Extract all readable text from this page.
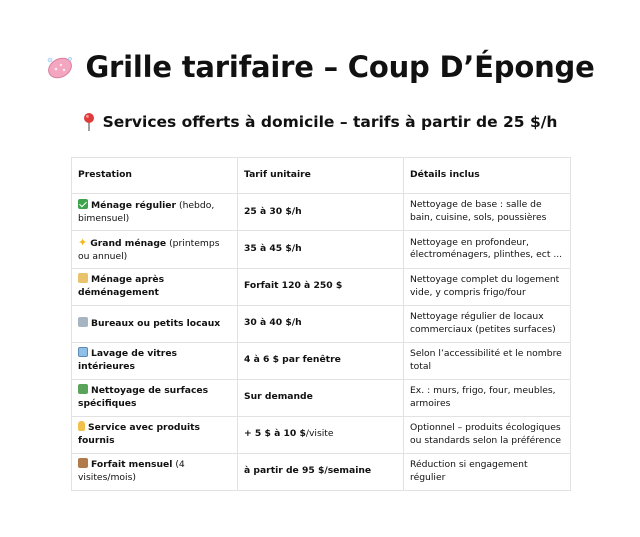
Grille tarifaire – Coup D’Éponge
Services offerts à domicile – tarifs à partir de 25 $/h
Prestation	Tarif unitaire	Détails inclus
Ménage régulier (hebdo, bimensuel)	25 à 30 $/h	Nettoyage de base : salle de bain, cuisine, sols, poussières
✦ Grand ménage (printemps ou annuel)	35 à 45 $/h	Nettoyage en profondeur, électroménagers, plinthes, ect ...
Ménage après déménagement	Forfait 120 à 250 $	Nettoyage complet du logement vide, y compris frigo/four
Bureaux ou petits locaux	30 à 40 $/h	Nettoyage régulier de locaux commerciaux (petites surfaces)
Lavage de vitres intérieures	4 à 6 $ par fenêtre	Selon l’accessibilité et le nombre total
Nettoyage de surfaces spécifiques	Sur demande	Ex. : murs, frigo, four, meubles, armoires
Service avec produits fournis	+ 5 $ à 10 $/visite	Optionnel – produits écologiques ou standards selon la préférence
Forfait mensuel (4 visites/mois)	à partir de 95 $/semaine	Réduction si engagement régulier
